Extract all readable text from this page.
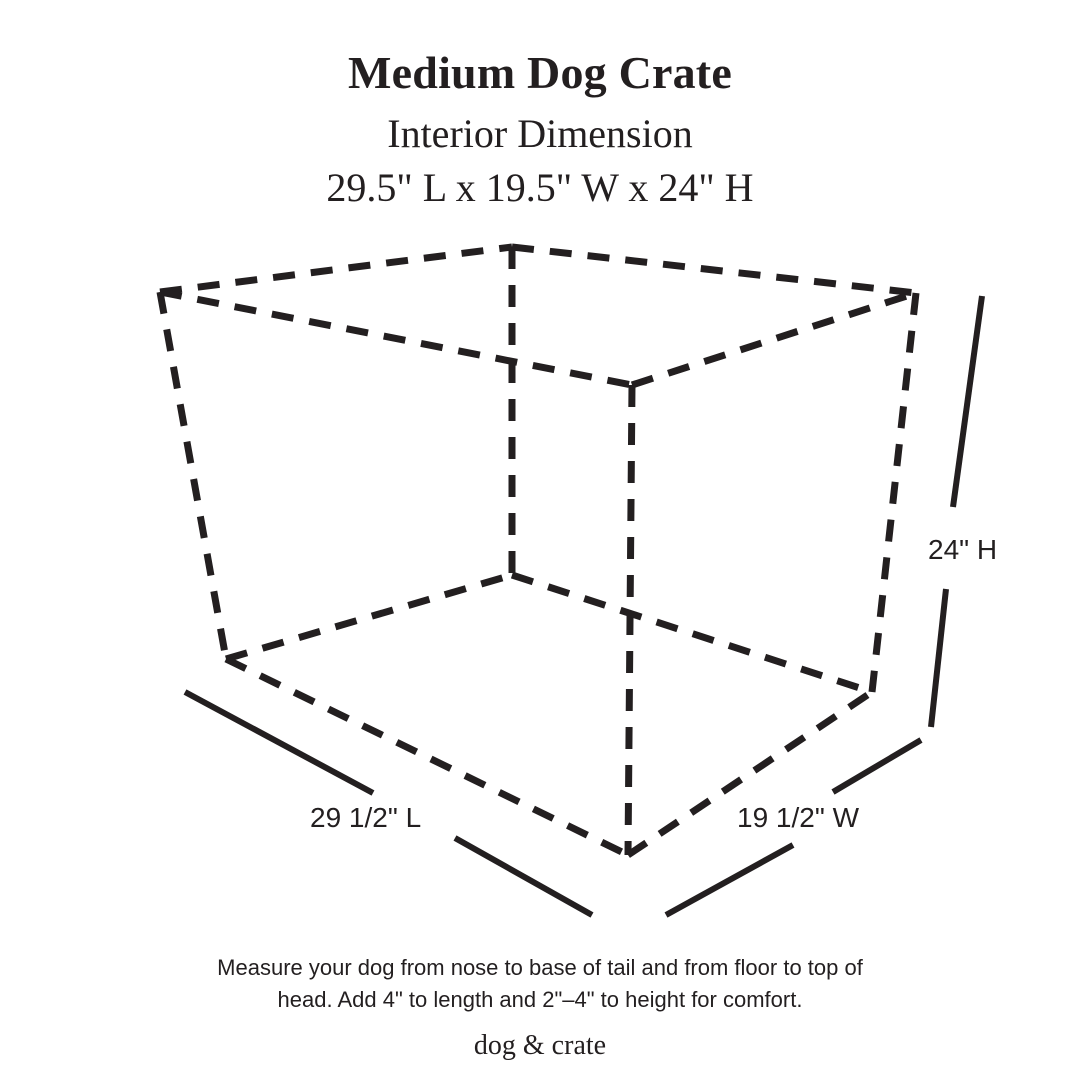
Medium Dog Crate
Interior Dimension
29.5" L x 19.5" W x 24" H
29 1/2" L	19 1/2" W
24" H
Measure your dog from nose to base of tail and from floor to top of
head. Add 4" to length and 2"–4" to height for comfort.
dog & crate
